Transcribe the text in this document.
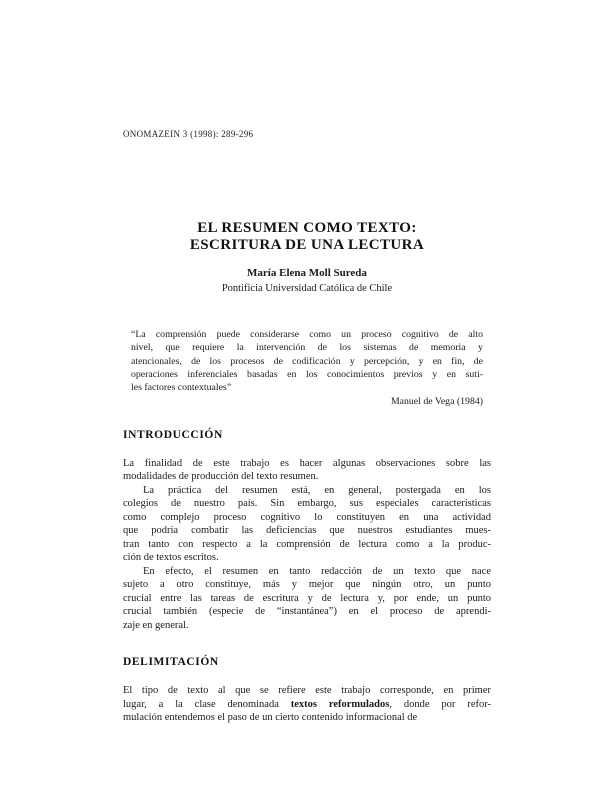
ONOMAZEIN 3 (1998): 289-296
EL RESUMEN COMO TEXTO:
ESCRITURA DE UNA LECTURA
María Elena Moll Sureda
Pontificia Universidad Católica de Chile
“La comprensión puede considerarse como un proceso cognitivo de alto
nivel, que requiere la intervención de los sistemas de memoria y
atencionales, de los procesos de codificación y percepción, y en fin, de
operaciones inferenciales basadas en los conocimientos previos y en suti-
les factores contextuales”
Manuel de Vega (1984)
INTRODUCCIÓN
La finalidad de este trabajo es hacer algunas observaciones sobre las
modalidades de producción del texto resumen.
La práctica del resumen está, en general, postergada en los
colegios de nuestro país. Sin embargo, sus especiales características
como complejo proceso cognitivo lo constituyen en una actividad
que podría combatir las deficiencias que nuestros estudiantes mues-
tran tanto con respecto a la comprensión de lectura como a la produc-
ción de textos escritos.
En efecto, el resumen en tanto redacción de un texto que nace
sujeto a otro constituye, más y mejor que ningún otro, un punto
crucial entre las tareas de escritura y de lectura y, por ende, un punto
crucial también (especie de “instantánea”) en el proceso de aprendi-
zaje en general.
DELIMITACIÓN
El tipo de texto al que se refiere este trabajo corresponde, en primer
lugar, a la clase denominada textos reformulados, donde por refor-
mulación entendemos el paso de un cierto contenido informacional de
